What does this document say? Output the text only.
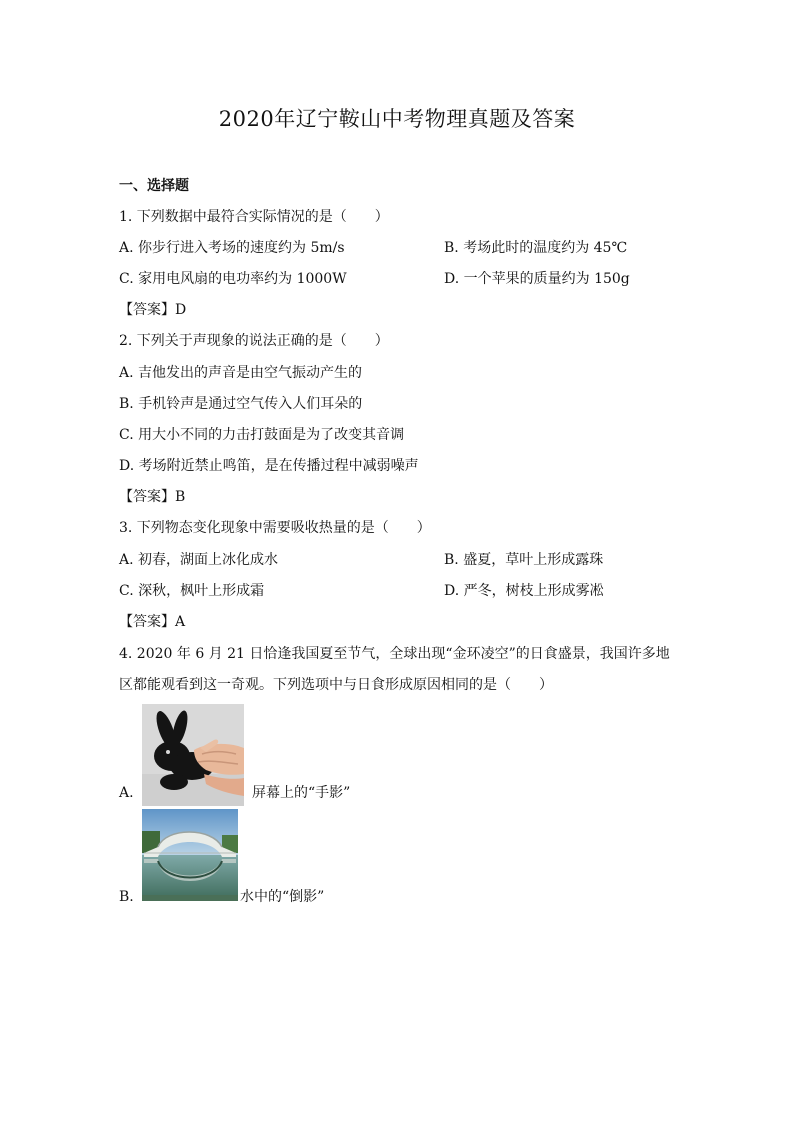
2020年辽宁鞍山中考物理真题及答案
一、选择题
1. 下列数据中最符合实际情况的是（　　）
A. 你步行进入考场的速度约为 5m/s	B. 考场此时的温度约为 45℃
C. 家用电风扇的电功率约为 1000W	D. 一个苹果的质量约为 150g
【答案】D
2. 下列关于声现象的说法正确的是（　　）
A. 吉他发出的声音是由空气振动产生的
B. 手机铃声是通过空气传入人们耳朵的
C. 用大小不同的力击打鼓面是为了改变其音调
D. 考场附近禁止鸣笛，是在传播过程中减弱噪声
【答案】B
3. 下列物态变化现象中需要吸收热量的是（　　）
A. 初春，湖面上冰化成水	B. 盛夏，草叶上形成露珠
C. 深秋，枫叶上形成霜	D. 严冬，树枝上形成雾凇
【答案】A
4. 2020 年 6 月 21 日恰逢我国夏至节气，全球出现“金环凌空”的日食盛景，我国许多地
区都能观看到这一奇观。下列选项中与日食形成原因相同的是（　　）
A.	屏幕上的“手影”
B.	水中的“倒影”
